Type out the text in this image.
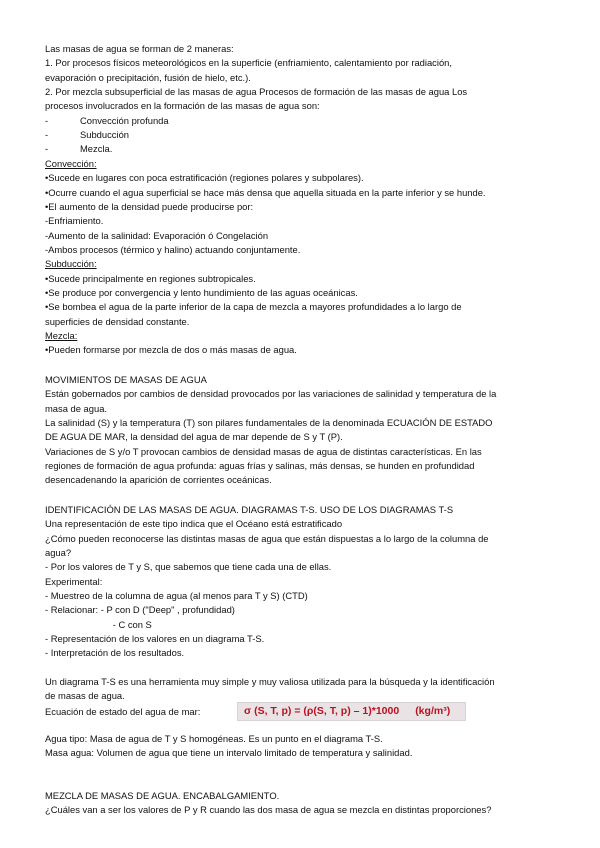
Las masas de agua se forman de 2 maneras:
1. Por procesos físicos meteorológicos en la superficie (enfriamiento, calentamiento por radiación,
evaporación o precipitación, fusión de hielo, etc.).
2. Por mezcla subsuperficial de las masas de agua Procesos de formación de las masas de agua Los
procesos involucrados en la formación de las masas de agua son:
-	Convección profunda
-	Subducción
-	Mezcla.
Convección:
•Sucede en lugares con poca estratificación (regiones polares y subpolares).
•Ocurre cuando el agua superficial se hace más densa que aquella situada en la parte inferior y se hunde.
•El aumento de la densidad puede producirse por:
-Enfriamiento.
-Aumento de la salinidad: Evaporación ó Congelación
-Ambos procesos (térmico y halino) actuando conjuntamente.
Subducción:
•Sucede principalmente en regiones subtropicales.
•Se produce por convergencia y lento hundimiento de las aguas oceánicas.
•Se bombea el agua de la parte inferior de la capa de mezcla a mayores profundidades a lo largo de
superficies de densidad constante.
Mezcla:
•Pueden formarse por mezcla de dos o más masas de agua.
MOVIMIENTOS DE MASAS DE AGUA
Están gobernados por cambios de densidad provocados por las variaciones de salinidad y temperatura de la
masa de agua.
La salinidad (S) y la temperatura (T) son pilares fundamentales de la denominada ECUACIÓN DE ESTADO
DE AGUA DE MAR, la densidad del agua de mar depende de S y T (P).
Variaciones de S y/o T provocan cambios de densidad masas de agua de distintas características. En las
regiones de formación de agua profunda: aguas frías y salinas, más densas, se hunden en profundidad
desencadenando la aparición de corrientes oceánicas.
IDENTIFICACIÓN DE LAS MASAS DE AGUA. DIAGRAMAS T-S. USO DE LOS DIAGRAMAS T-S
Una representación de este tipo indica que el Océano está estratificado
¿Cómo pueden reconocerse las distintas masas de agua que están dispuestas a lo largo de la columna de
agua?
- Por los valores de T y S, que sabemos que tiene cada una de ellas.
Experimental:
- Muestreo de la columna de agua (al menos para T y S) (CTD)
- Relacionar: - P con D ("Deep" , profundidad)
- C con S
- Representación de los valores en un diagrama T-S.
- Interpretación de los resultados.
Un diagrama T-S es una herramienta muy simple y muy valiosa utilizada para la búsqueda y la identificación
de masas de agua.
Ecuación de estado del agua de mar:	σ (S, T, p) = (ρ(S, T, p) – 1)*1000 (kg/m³)
Agua tipo: Masa de agua de T y S homogéneas. Es un punto en el diagrama T-S.
Masa agua: Volumen de agua que tiene un intervalo limitado de temperatura y salinidad.
MEZCLA DE MASAS DE AGUA. ENCABALGAMIENTO.
¿Cuáles van a ser los valores de P y R cuando las dos masa de agua se mezcla en distintas proporciones?
